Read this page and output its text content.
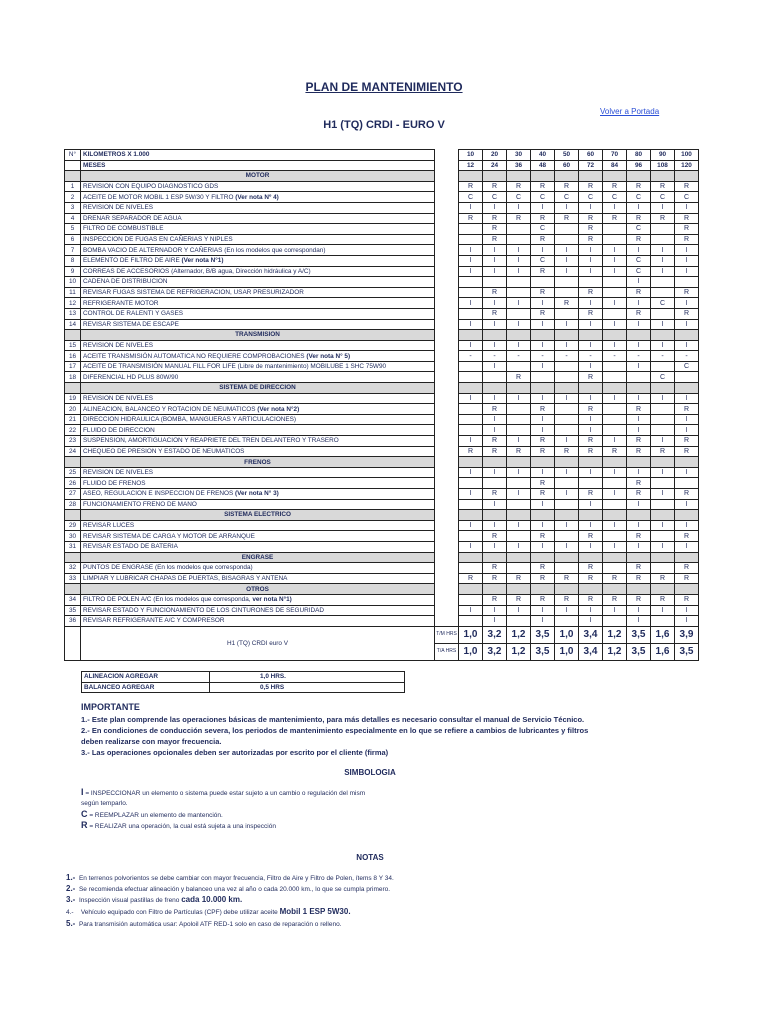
PLAN DE MANTENIMIENTO
Volver a Portada
H1 (TQ) CRDI - EURO V
N°	KILOMETROS X 1.000		10	20	30	40	50	60	70	80	90	100
	MESES		12	24	36	48	60	72	84	96	108	120
	MOTOR											
1	REVISION CON EQUIPO DIAGNOSTICO GDS		R	R	R	R	R	R	R	R	R	R
2	ACEITE DE MOTOR MOBIL 1 ESP 5W/30 Y FILTRO (Ver nota Nº 4)		C	C	C	C	C	C	C	C	C	C
3	REVISION DE NIVELES		I	I	I	I	I	I	I	I	I	I
4	DRENAR SEPARADOR DE AGUA		R	R	R	R	R	R	R	R	R	R
5	FILTRO DE COMBUSTIBLE			R		C		R		C		R
6	INSPECCION DE FUGAS EN CAÑERIAS Y NIPLES			R		R		R		R		R
7	BOMBA VACIO DE ALTERNADOR Y CAÑERIAS (En los modelos que correspondan)		I	I	I	I	I	I	I	I	I	I
8	ELEMENTO DE FILTRO DE AIRE (Ver nota N°1)		I	I	I	C	I	I	I	C	I	I
9	CORREAS DE ACCESORIOS (Alternador, B/B agua, Dirección hidráulica y A/C)		I	I	I	R	I	I	I	C	I	I
10	CADENA DE DISTRIBUCION									I		
11	REVISAR FUGAS SISTEMA DE REFRIGERACION, USAR PRESURIZADOR			R		R		R		R		R
12	REFRIGERANTE MOTOR		I	I	I	I	R	I	I	I	C	I
13	CONTROL DE RALENTI Y GASES			R		R		R		R		R
14	REVISAR SISTEMA DE ESCAPE		I	I	I	I	I	I	I	I	I	I
	TRANSMISION											
15	REVISION DE NIVELES		I	I	I	I	I	I	I	I	I	I
16	ACEITE TRANSMISIÓN AUTOMATICA NO REQUIERE COMPROBACIONES (Ver nota N° 5)		-	-	-	-	-	-	-	-	-	-
17	ACEITE DE TRANSMISIÓN MANUAL FILL FOR LIFE (Libre de mantenimiento) MOBILUBE 1 SHC 75W90			I		I		I		I		C
18	DIFERENCIAL HD PLUS 80W/90				R			R			C	
	SISTEMA DE DIRECCION											
19	REVISION DE NIVELES		I	I	I	I	I	I	I	I	I	I
20	ALINEACION, BALANCEO Y ROTACION DE NEUMATICOS (Ver nota N°2)			R		R		R		R		R
21	DIRECCION HIDRAULICA (BOMBA, MANGUERAS Y ARTICULACIONES)			I		I		I		I		I
22	FLUIDO DE DIRECCION			I		I		I		I		I
23	SUSPENSION, AMORTIGUACION Y REAPRIETE DEL TREN DELANTERO Y TRASERO		I	R	I	R	I	R	I	R	I	R
24	CHEQUEO DE PRESION Y ESTADO DE NEUMATICOS		R	R	R	R	R	R	R	R	R	R
	FRENOS											
25	REVISION DE NIVELES		I	I	I	I	I	I	I	I	I	I
26	FLUIDO DE FRENOS					R				R		
27	ASEO, REGULACION E INSPECCION DE FRENOS (Ver nota N° 3)		I	R	I	R	I	R	I	R	I	R
28	FUNCIONAMIENTO FRENO DE MANO			I		I		I		I		I
	SISTEMA ELECTRICO											
29	REVISAR LUCES		I	I	I	I	I	I	I	I	I	I
30	REVISAR SISTEMA DE CARGA Y MOTOR DE ARRANQUE			R		R		R		R		R
31	REVISAR ESTADO DE BATERIA		I	I	I	I	I	I	I	I	I	I
	ENGRASE											
32	PUNTOS DE ENGRASE (En los modelos que corresponda)			R		R		R		R		R
33	LIMPIAR Y LUBRICAR CHAPAS DE PUERTAS, BISAGRAS Y ANTENA		R	R	R	R	R	R	R	R	R	R
	OTROS											
34	FILTRO DE POLEN A/C (En los modelos que corresponda, ver nota N°1)			R	R	R	R	R	R	R	R	R
35	REVISAR ESTADO Y FUNCIONAMIENTO DE LOS CINTURONES DE SEGURIDAD		I	I	I	I	I	I	I	I	I	I
36	REVISAR REFRIGERANTE A/C Y COMPRESOR			I		I		I		I		I
	H1 (TQ) CRDI euro V	T/M HRS	1,0	3,2	1,2	3,5	1,0	3,4	1,2	3,5	1,6	3,9
		T/A HRS	1,0	3,2	1,2	3,5	1,0	3,4	1,2	3,5	1,6	3,5
ALINEACION AGREGAR	1,0 HRS.
BALANCEO AGREGAR	0,5 HRS
IMPORTANTE
1.- Este plan comprende las operaciones básicas de mantenimiento, para más detalles es necesario consultar el manual de Servicio Técnico.
2.- En condiciones de conducción severa, los periodos de mantenimiento especialmente en lo que se refiere a cambios de lubricantes y filtros
deben realizarse con mayor frecuencia.
3.- Las operaciones opcionales deben ser autorizadas por escrito por el cliente (firma)
SIMBOLOGIA
I = INSPECCIONAR un elemento o sistema puede estar sujeto a un cambio o regulación del mism
según temparlo.
C = REEMPLAZAR un elemento de mantención.
R = REALIZAR una operación, la cual está sujeta a una inspección
NOTAS
1.- En terrenos polvorientos se debe cambiar con mayor frecuencia, Filtro de Aire y Filtro de Polen, ítems 8 Y 34.
2.- Se recomienda efectuar alineación y balanceo una vez al año o cada 20.000 km., lo que se cumpla primero.
3.- Inspección visual pastillas de freno cada 10.000 km.
4.- Vehículo equipado con Filtro de Partículas (CPF) debe utilizar aceite Mobil 1 ESP 5W30.
5.- Para transmisión automática usar: Apoloil ATF RED-1 solo en caso de reparación o relleno.
